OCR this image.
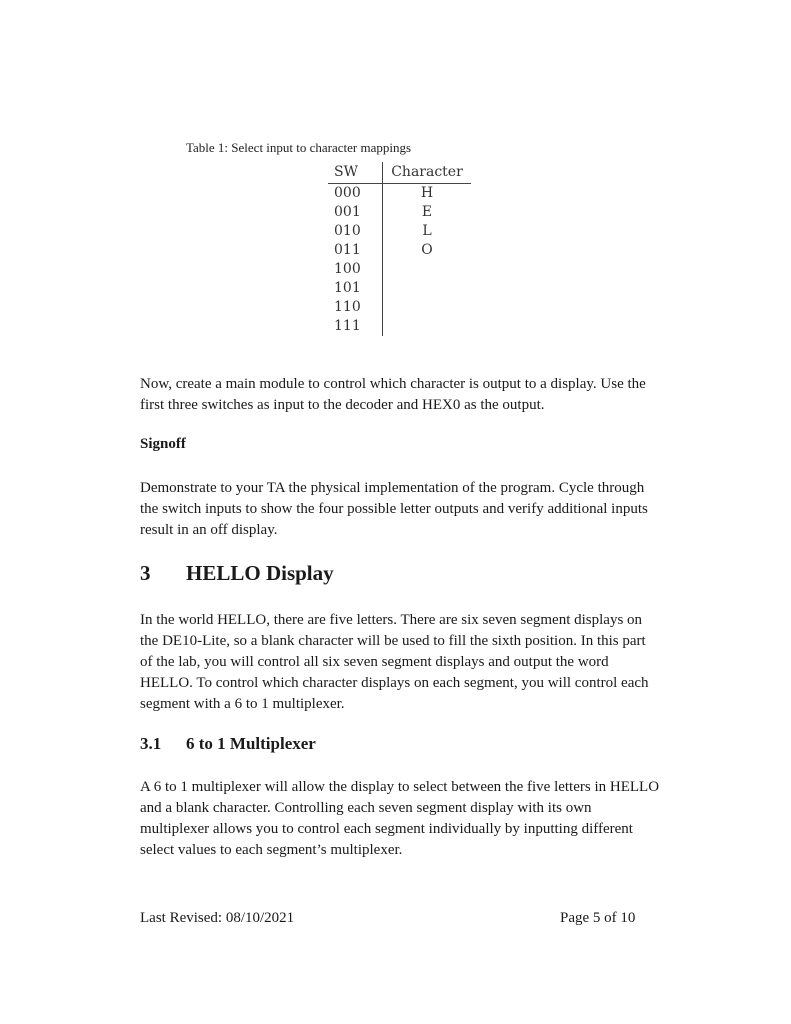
Table 1: Select input to character mappings
SW	Character
000	H
001	E
010	L
011	O
100	
101	
110	
111	

Now, create a main module to control which character is output to a display. Use the first three switches as input to the decoder and HEX0 as the output.

Signoff

Demonstrate to your TA the physical implementation of the program. Cycle through the switch inputs to show the four possible letter outputs and verify additional inputs result in an off display.

3 HELLO Display

In the world HELLO, there are five letters. There are six seven segment displays on the DE10-Lite, so a blank character will be used to fill the sixth position. In this part of the lab, you will control all six seven segment displays and output the word HELLO. To control which character displays on each segment, you will control each segment with a 6 to 1 multiplexer.

3.1 6 to 1 Multiplexer

A 6 to 1 multiplexer will allow the display to select between the five letters in HELLO and a blank character. Controlling each seven segment display with its own multiplexer allows you to control each segment individually by inputting different select values to each segment’s multiplexer.

Last Revised: 08/10/2021	Page 5 of 10
